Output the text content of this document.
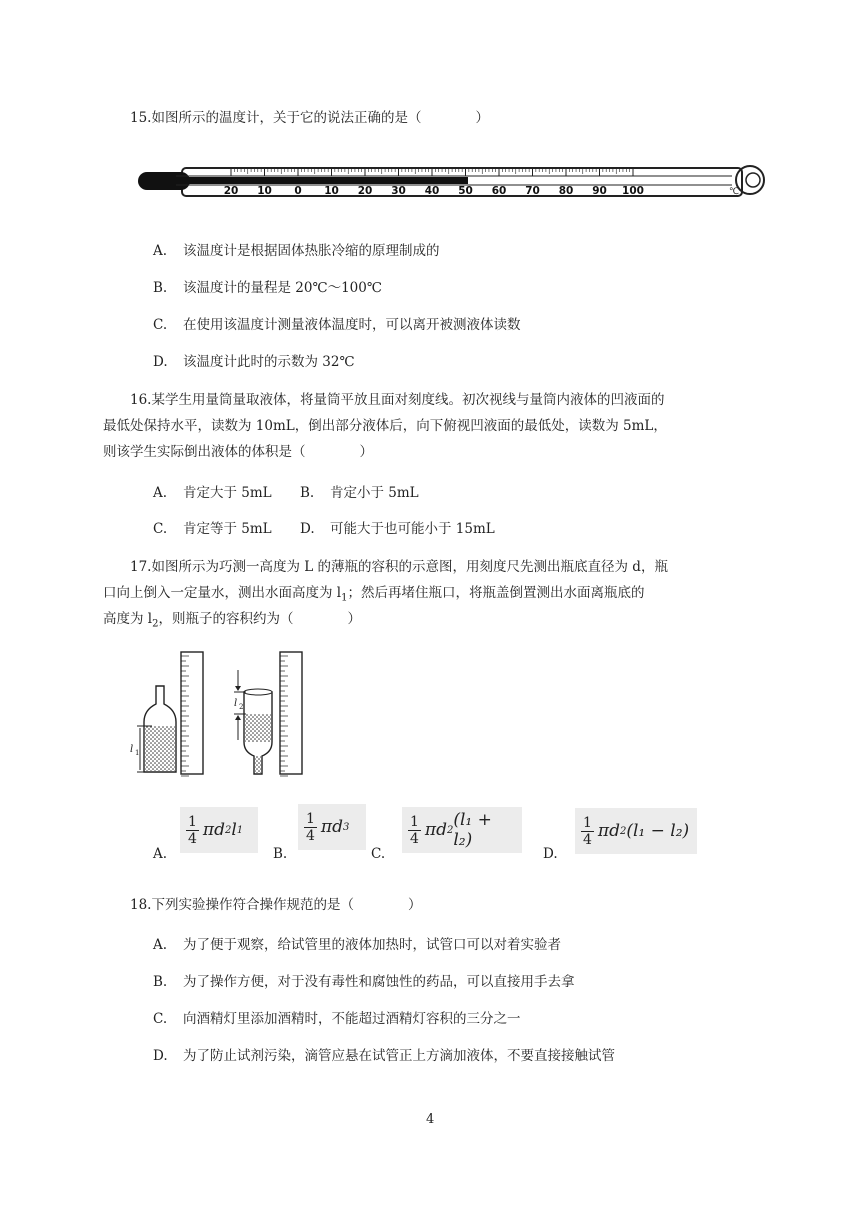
15.如图所示的温度计，关于它的说法正确的是（　　　　）
20 10 0 10 20 30 40 50 60 70 80 90 100	℃
A. 该温度计是根据固体热胀冷缩的原理制成的
B. 该温度计的量程是 20℃～100℃
C. 在使用该温度计测量液体温度时，可以离开被测液体读数
D. 该温度计此时的示数为 32℃
16.某学生用量筒量取液体，将量筒平放且面对刻度线。初次视线与量筒内液体的凹液面的
最低处保持水平，读数为 10mL，倒出部分液体后，向下俯视凹液面的最低处，读数为 5mL，
则该学生实际倒出液体的体积是（　　　　）
A. 肯定大于 5mL B. 肯定小于 5mL
C. 肯定等于 5mL D. 可能大于也可能小于 15mL
17.如图所示为巧测一高度为 L 的薄瓶的容积的示意图，用刻度尺先测出瓶底直径为 d，瓶
口向上倒入一定量水，测出水面高度为 $l_1$；然后再堵住瓶口，将瓶盖倒置测出水面离瓶底的
高度为 $l_2$，则瓶子的容积约为（　　　　）
l 1
l 2
A.
$\frac{1}{4}$ πd 2 l 1
B.
$\frac{1}{4}$ πd 3
C.
$\frac{1}{4}$ πd 2 (l₁ + l₂)
D.
$\frac{1}{4}$ πd 2 (l₁ − l₂)
18.下列实验操作符合操作规范的是（　　　　）
A. 为了便于观察，给试管里的液体加热时，试管口可以对着实验者
B. 为了操作方便，对于没有毒性和腐蚀性的药品，可以直接用手去拿
C. 向酒精灯里添加酒精时，不能超过酒精灯容积的三分之一
D. 为了防止试剂污染，滴管应悬在试管正上方滴加液体，不要直接接触试管
4
